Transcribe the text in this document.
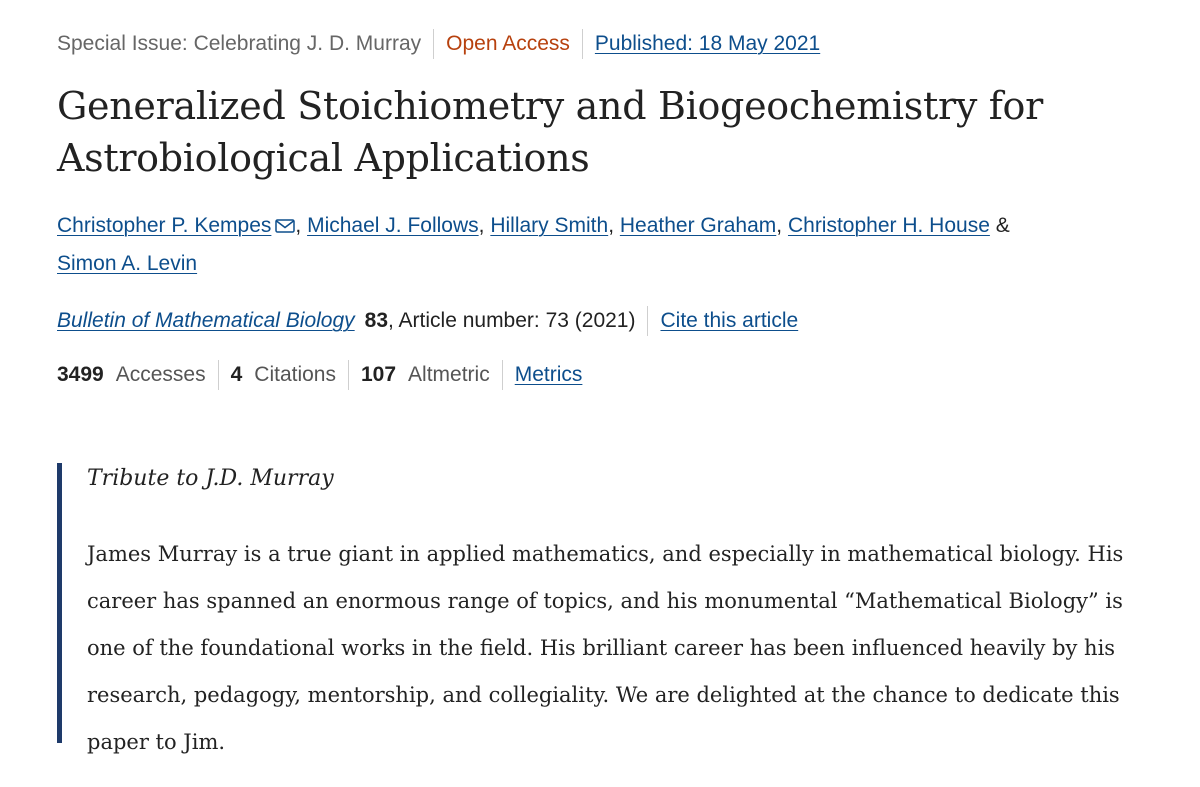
Special Issue: Celebrating J. D. Murray Open Access Published: 18 May 2021
Generalized Stoichiometry and Biogeochemistry for Astrobiological Applications
Christopher P. Kempes , Michael J. Follows, Hillary Smith, Heather Graham, Christopher H. House &
Simon A. Levin
Bulletin of Mathematical Biology 83 , Article number: 73 (2021) Cite this article
3499 Accesses 4 Citations 107 Altmetric Metrics
Tribute to J.D. Murray

James Murray is a true giant in applied mathematics, and especially in mathematical biology. His career has spanned an enormous range of topics, and his monumental “Mathematical Biology” is one of the foundational works in the field. His brilliant career has been influenced heavily by his research, pedagogy, mentorship, and collegiality. We are delighted at the chance to dedicate this paper to Jim.
